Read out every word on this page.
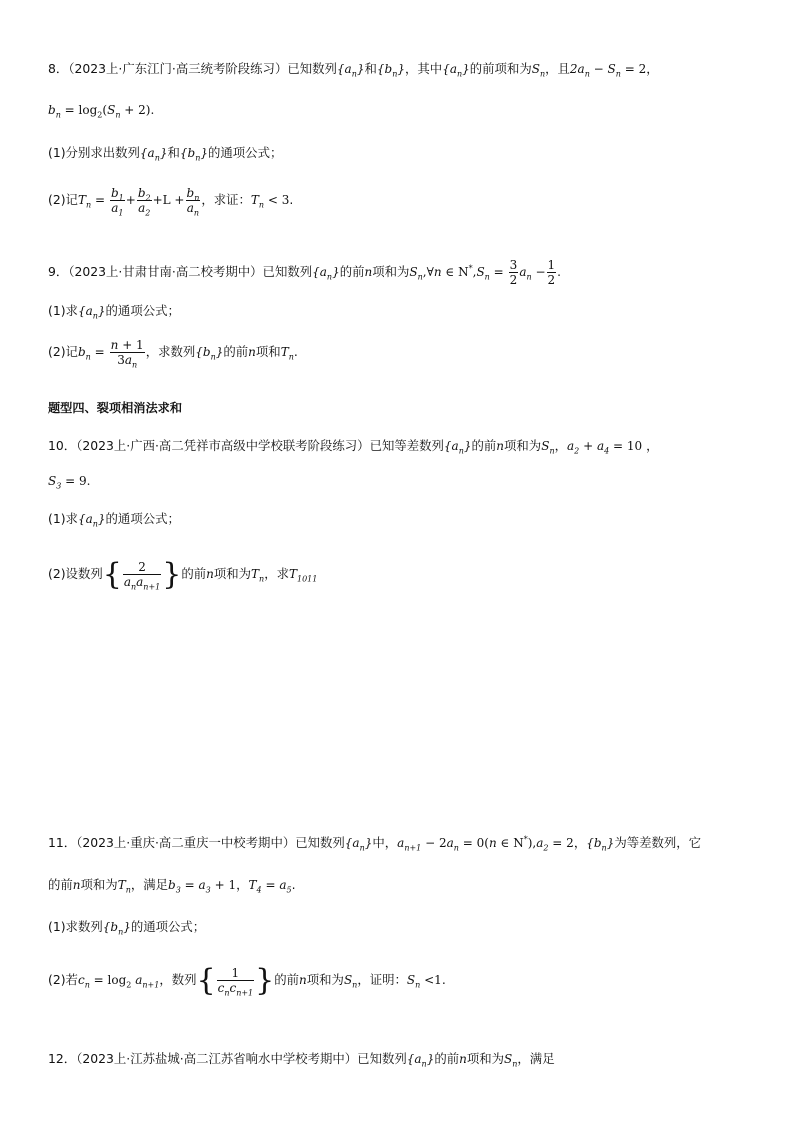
8．（2023上·广东江门·高三统考阶段练习）已知数列$\{a_n\}$和$\{b_n\}$，其中$\{a_n\}$的前项和为$S_n$，且$2a_n - S_n = 2$，
$b_n = \log_2(S_n + 2)$.
(1)分别求出数列$\{a_n\}$和$\{b_n\}$的通项公式；
(2)记$T_n = \frac{b_1}{a_1} + \frac{b_2}{a_2} +L + \frac{b_n}{a_n}$ ，求证：$T_n < 3$.
9．（2023上·甘肃甘南·高二校考期中）已知数列$\{a_n\}$的前n项和为$S_n,\forall n$ ∈ $N^*,S_n = \frac{3}{2} a_n - \frac{1}{2}$ .
(1)求$\{a_n\}$的通项公式；
(2)记$b_n = \frac{n + 1}{3a_n}$ ，求数列$\{b_n\}$的前n项和$T_n$.
题型四、裂项相消法求和
10．（2023上·广西·高二凭祥市高级中学校联考阶段练习）已知等差数列$\{a_n\}$的前n项和为$S_n$，$a_2 + a_4 = 10$ ，
$S_3 = 9$.
(1)求$\{a_n\}$的通项公式；
(2)设数列{	2
$a_na_{n+1}$ }的前n项和为$T_n$，求$T_{1011}$
11．（2023上·重庆·高二重庆一中校考期中）已知数列$\{a_n\}$中，$a_{n+1} - 2a_n = 0(n$ ∈ $N^*),a_2 = 2$，$\{b_n\}$为等差数列，它
的前n项和为$T_n$，满足$b_3 = a_3 + 1$，$T_4 = a_5$.
(1)求数列$\{b_n\}$的通项公式；
(2)若$c_n = \log_2 a_{n+1}$，数列{	1
$c_nc_{n+1}$ }的前n项和为$S_n$，证明：$S_n <1$.
12．（2023上·江苏盐城·高二江苏省响水中学校考期中）已知数列$\{a_n\}$的前n项和为$S_n$，满足
